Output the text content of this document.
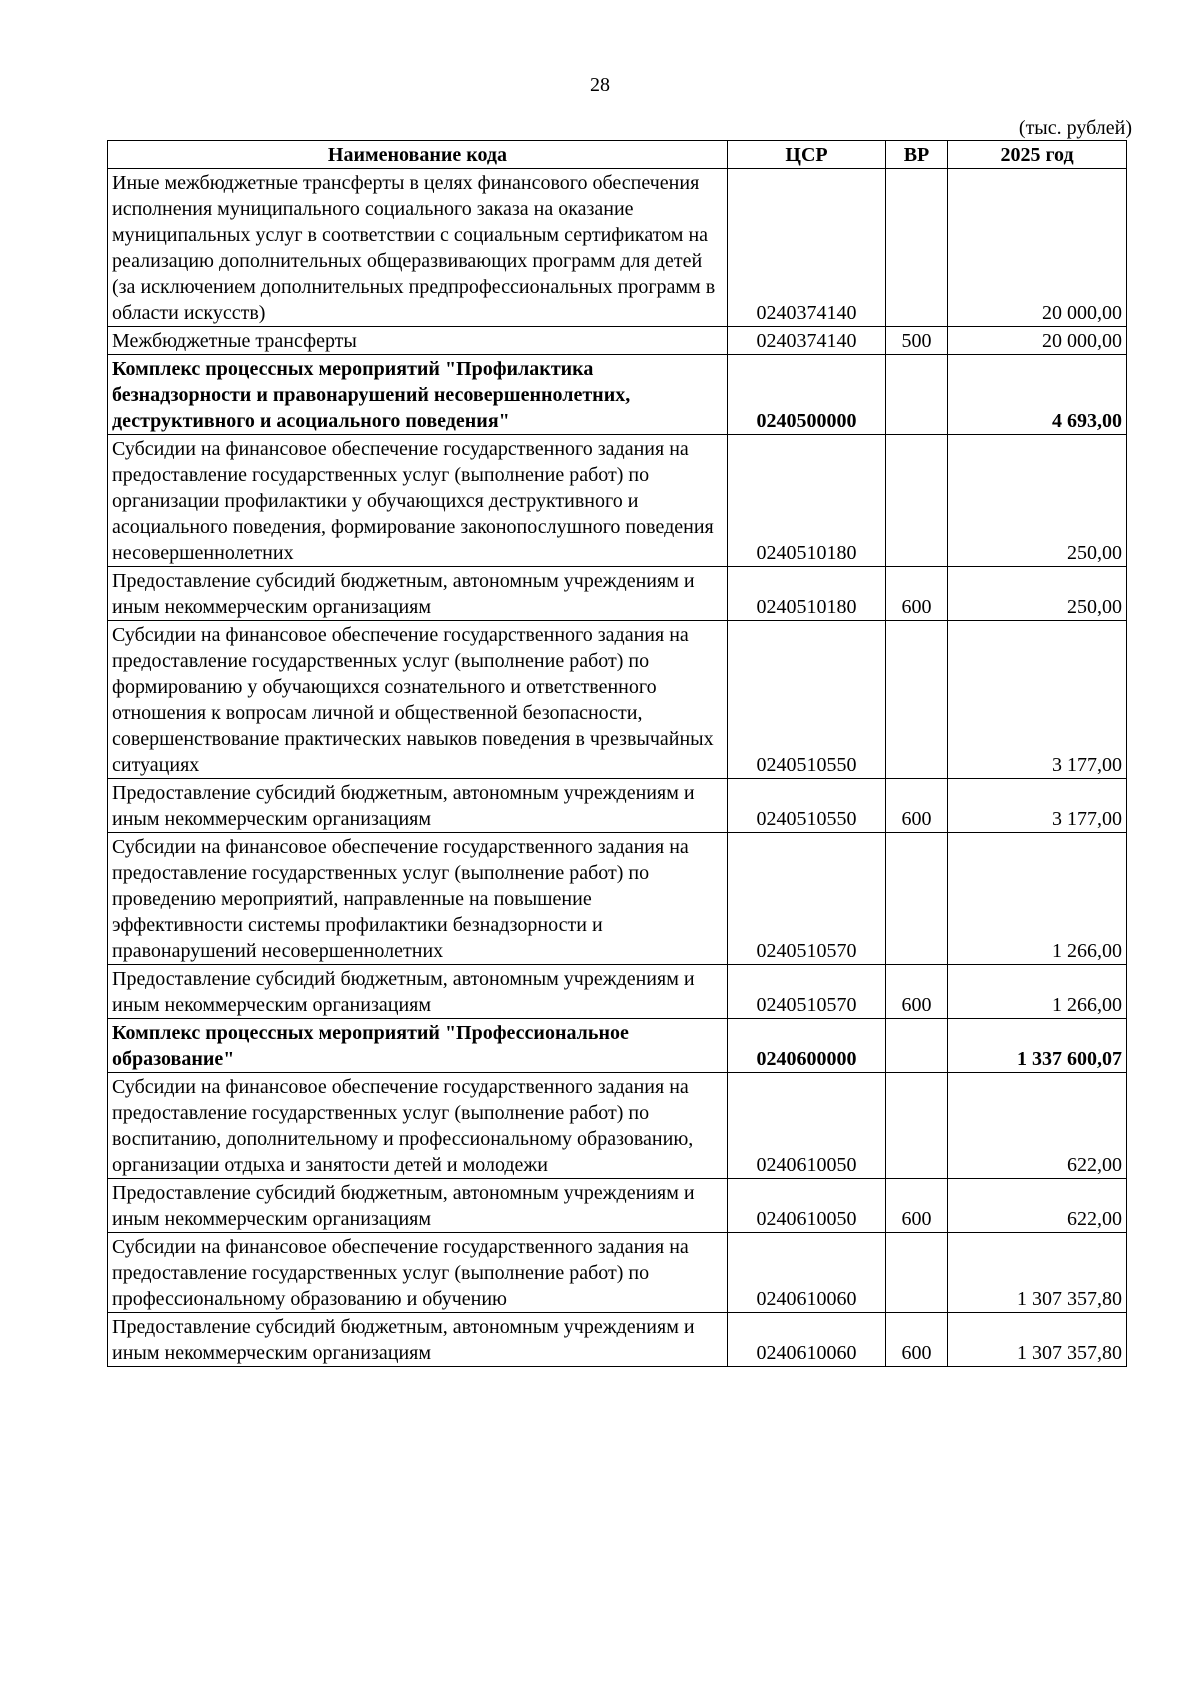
28
(тыс. рублей)
Наименование кода	ЦСР	ВР	2025 год
Иные межбюджетные трансферты в целях финансового обеспечения исполнения муниципального социального заказа на оказание муниципальных услуг в соответствии с социальным сертификатом на реализацию дополнительных общеразвивающих программ для детей (за исключением дополнительных предпрофессиональных программ в области искусств)	0240374140		20 000,00
Межбюджетные трансферты	0240374140	500	20 000,00
Комплекс процессных мероприятий "Профилактика безнадзорности и правонарушений несовершеннолетних, деструктивного и асоциального поведения"	0240500000		4 693,00
Субсидии на финансовое обеспечение государственного задания на предоставление государственных услуг (выполнение работ) по организации профилактики у обучающихся деструктивного и асоциального поведения, формирование законопослушного поведения несовершеннолетних	0240510180		250,00
Предоставление субсидий бюджетным, автономным учреждениям и иным некоммерческим организациям	0240510180	600	250,00
Субсидии на финансовое обеспечение государственного задания на предоставление государственных услуг (выполнение работ) по формированию у обучающихся сознательного и ответственного отношения к вопросам личной и общественной безопасности, совершенствование практических навыков поведения в чрезвычайных ситуациях	0240510550		3 177,00
Предоставление субсидий бюджетным, автономным учреждениям и иным некоммерческим организациям	0240510550	600	3 177,00
Субсидии на финансовое обеспечение государственного задания на предоставление государственных услуг (выполнение работ) по проведению мероприятий, направленные на повышение эффективности системы профилактики безнадзорности и правонарушений несовершеннолетних	0240510570		1 266,00
Предоставление субсидий бюджетным, автономным учреждениям и иным некоммерческим организациям	0240510570	600	1 266,00
Комплекс процессных мероприятий "Профессиональное образование"	0240600000		1 337 600,07
Субсидии на финансовое обеспечение государственного задания на предоставление государственных услуг (выполнение работ) по воспитанию, дополнительному и профессиональному образованию, организации отдыха и занятости детей и молодежи	0240610050		622,00
Предоставление субсидий бюджетным, автономным учреждениям и иным некоммерческим организациям	0240610050	600	622,00
Субсидии на финансовое обеспечение государственного задания на предоставление государственных услуг (выполнение работ) по профессиональному образованию и обучению	0240610060		1 307 357,80
Предоставление субсидий бюджетным, автономным учреждениям и иным некоммерческим организациям	0240610060	600	1 307 357,80
